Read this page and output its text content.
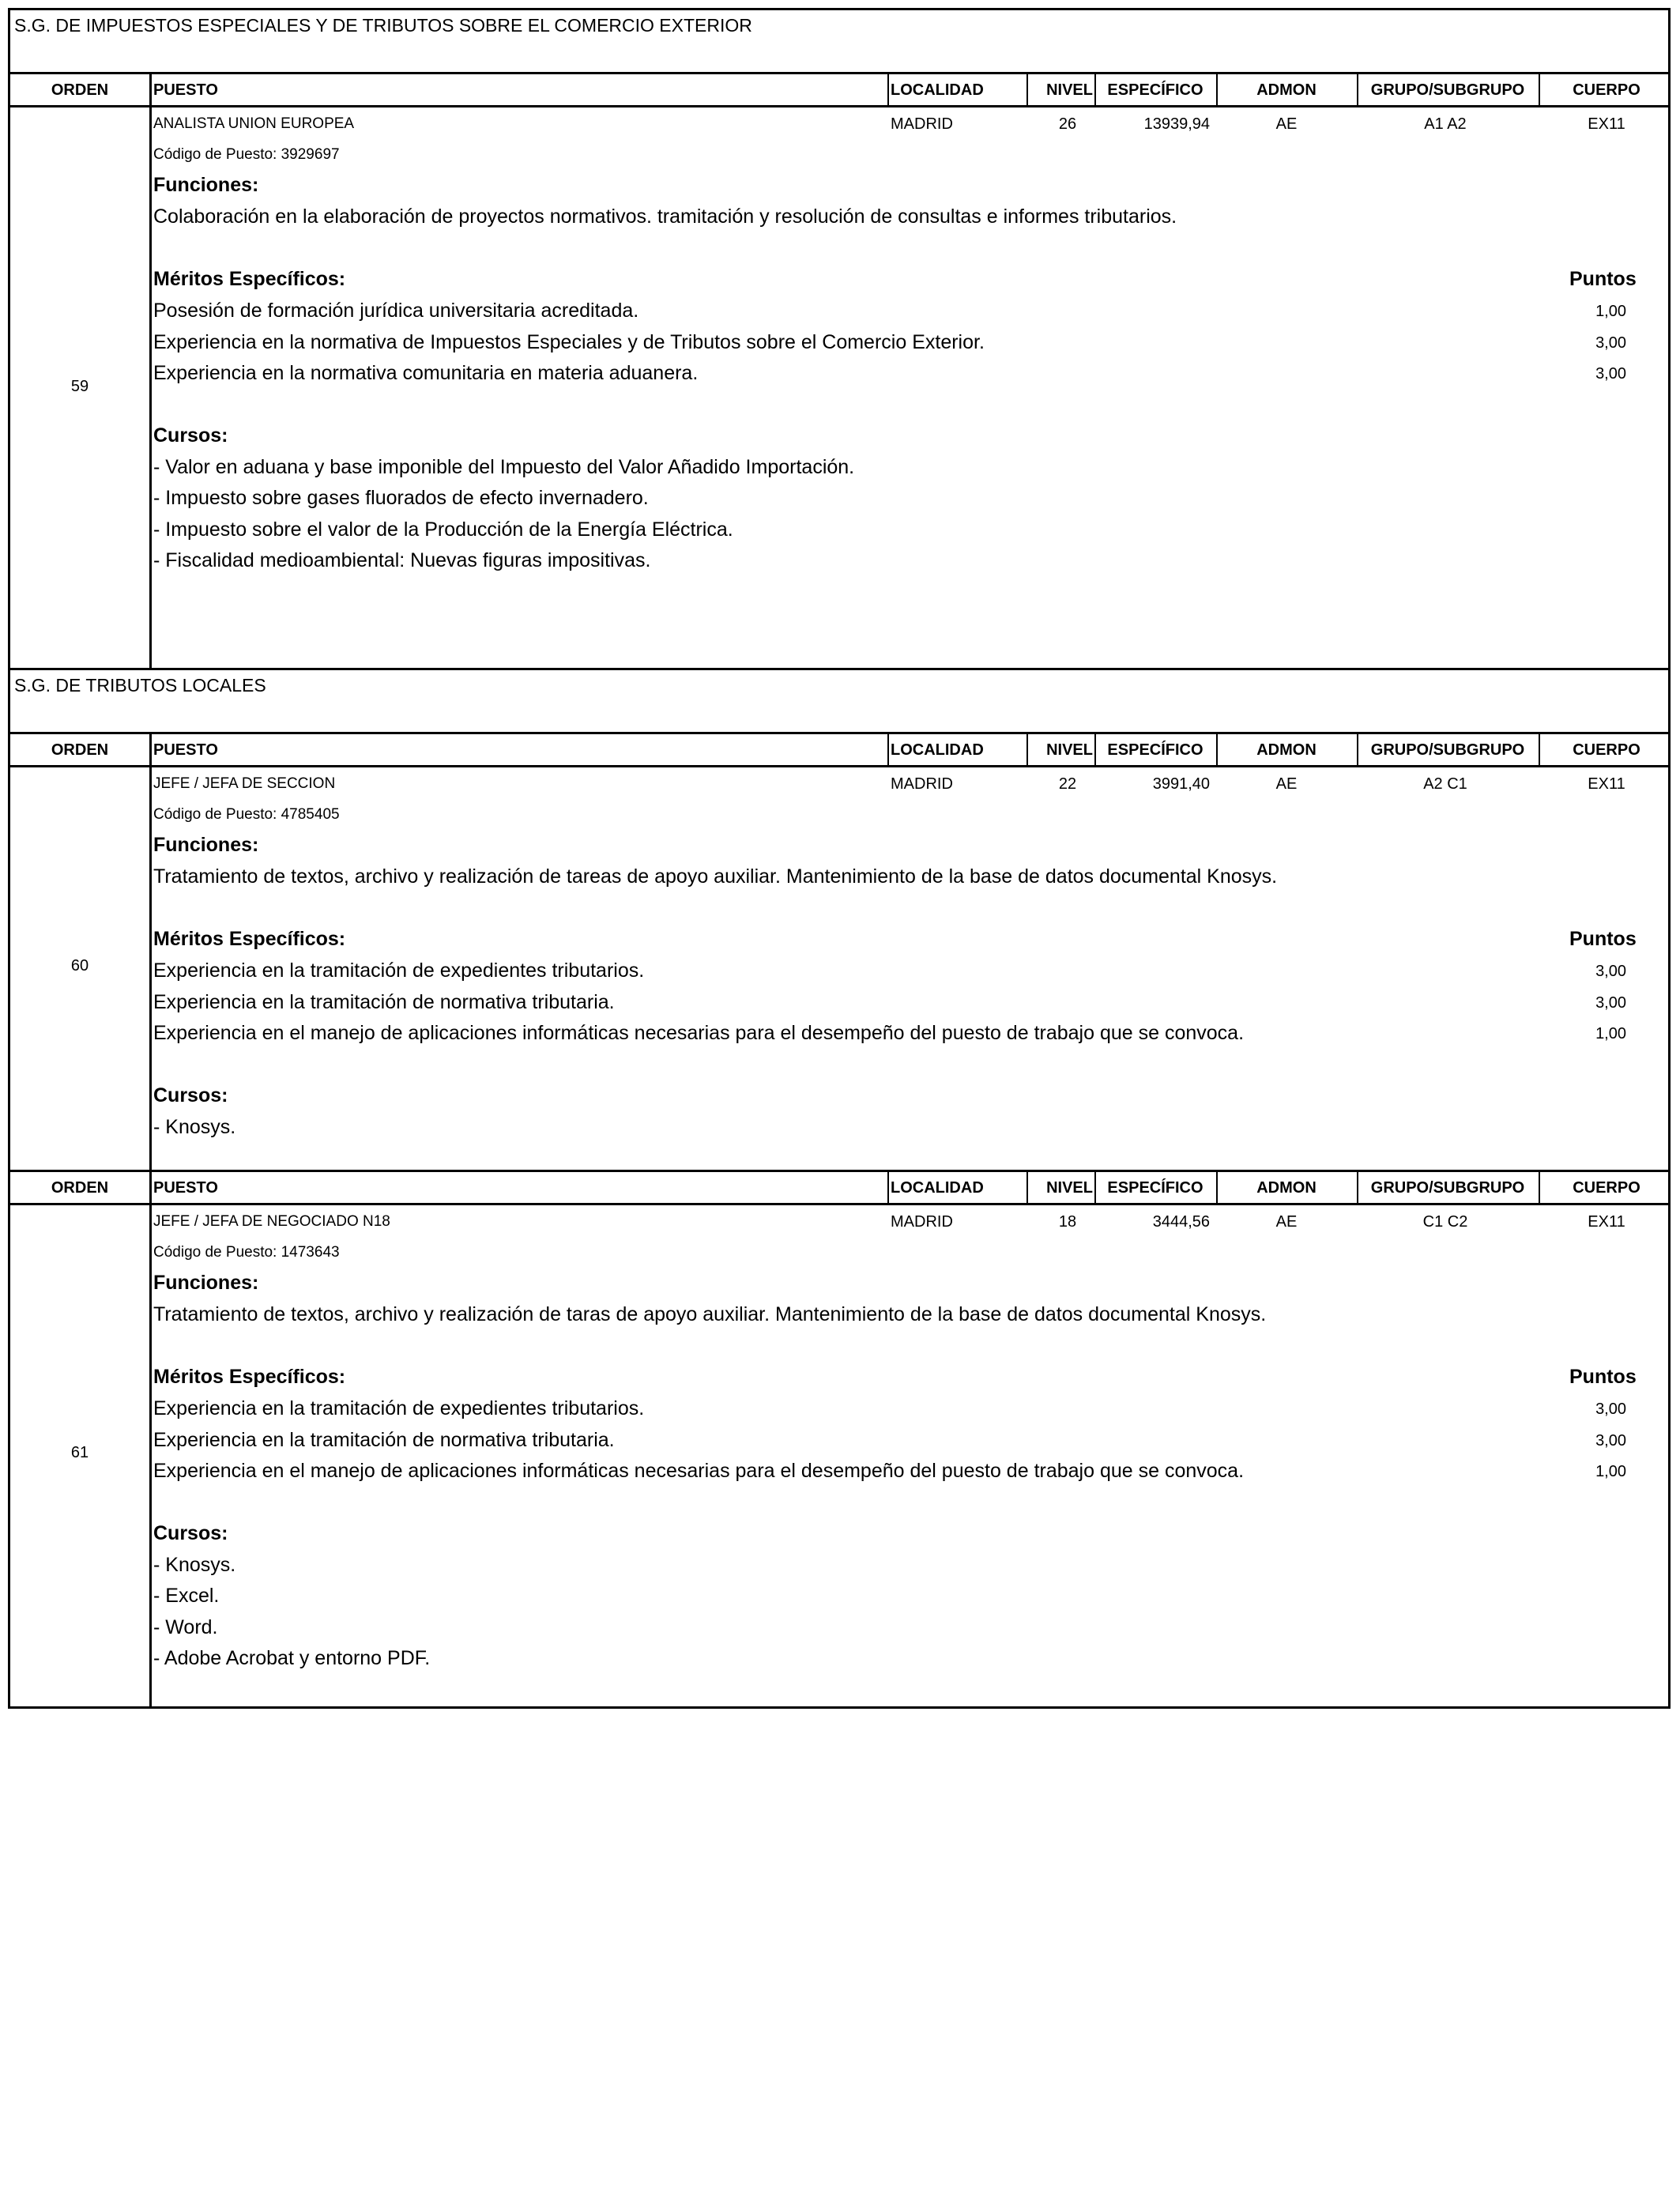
S.G. DE IMPUESTOS ESPECIALES Y DE TRIBUTOS SOBRE EL COMERCIO EXTERIOR
ORDEN	PUESTO	LOCALIDAD	NIVEL ESPECÍFICO	ADMON	GRUPO/SUBGRUPO	CUERPO
59
ANALISTA UNION EUROPEA	MADRID	26	13939,94	AE	A1 A2	EX11
Código de Puesto: 3929697
Funciones:
Colaboración en la elaboración de proyectos normativos. tramitación y resolución de consultas e informes tributarios.
Méritos Específicos:	Puntos
Posesión de formación jurídica universitaria acreditada.	1,00
Experiencia en la normativa de Impuestos Especiales y de Tributos sobre el Comercio Exterior.	3,00
Experiencia en la normativa comunitaria en materia aduanera.	3,00
Cursos:
- Valor en aduana y base imponible del Impuesto del Valor Añadido Importación.
- Impuesto sobre gases fluorados de efecto invernadero.
- Impuesto sobre el valor de la Producción de la Energía Eléctrica.
- Fiscalidad medioambiental: Nuevas figuras impositivas.
S.G. DE TRIBUTOS LOCALES
ORDEN	PUESTO	LOCALIDAD	NIVEL ESPECÍFICO	ADMON	GRUPO/SUBGRUPO	CUERPO
60
JEFE / JEFA DE SECCION	MADRID	22	3991,40	AE	A2 C1	EX11
Código de Puesto: 4785405
Funciones:
Tratamiento de textos, archivo y realización de tareas de apoyo auxiliar. Mantenimiento de la base de datos documental Knosys.
Méritos Específicos:	Puntos
Experiencia en la tramitación de expedientes tributarios.	3,00
Experiencia en la tramitación de normativa tributaria.	3,00
Experiencia en el manejo de aplicaciones informáticas necesarias para el desempeño del puesto de trabajo que se convoca.	1,00
Cursos:
- Knosys.
ORDEN	PUESTO	LOCALIDAD	NIVEL ESPECÍFICO	ADMON	GRUPO/SUBGRUPO	CUERPO
61
JEFE / JEFA DE NEGOCIADO N18	MADRID	18	3444,56	AE	C1 C2	EX11
Código de Puesto: 1473643
Funciones:
Tratamiento de textos, archivo y realización de taras de apoyo auxiliar. Mantenimiento de la base de datos documental Knosys.
Méritos Específicos:	Puntos
Experiencia en la tramitación de expedientes tributarios.	3,00
Experiencia en la tramitación de normativa tributaria.	3,00
Experiencia en el manejo de aplicaciones informáticas necesarias para el desempeño del puesto de trabajo que se convoca.	1,00
Cursos:
- Knosys.
- Excel.
- Word.
- Adobe Acrobat y entorno PDF.
